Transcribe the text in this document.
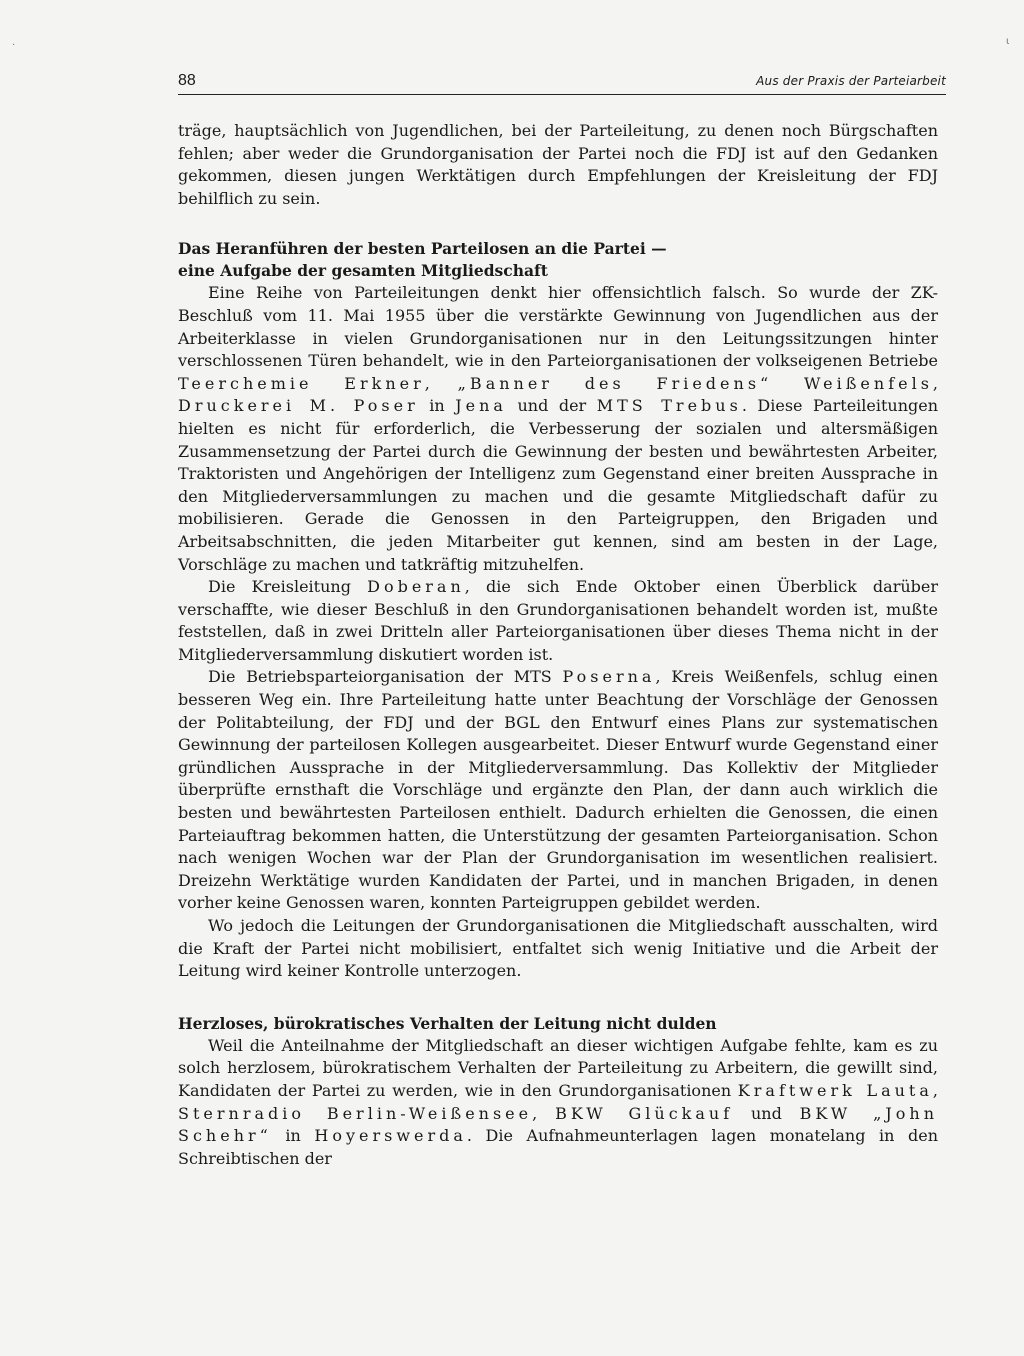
·	ι
88	Aus der Praxis der Parteiarbeit

träge, hauptsächlich von Jugendlichen, bei der Parteileitung, zu denen noch Bürgschaften fehlen; aber weder die Grundorganisation der Partei noch die FDJ ist auf den Gedanken gekommen, diesen jungen Werktätigen durch Empfehlungen der Kreisleitung der FDJ behilflich zu sein.

Das Heranführen der besten Parteilosen an die Partei —
eine Aufgabe der gesamten Mitgliedschaft

Eine Reihe von Parteileitungen denkt hier offensichtlich falsch. So wurde der ZK-Beschluß vom 11. Mai 1955 über die verstärkte Gewinnung von Jugendlichen aus der Arbeiterklasse in vielen Grundorganisationen nur in den Leitungssitzungen hinter verschlossenen Türen behandelt, wie in den Parteiorganisationen der volkseigenen Betriebe Teerchemie Erkner, „Banner des Friedens“ Weißenfels, Druckerei M. Poser in Jena und der MTS Trebus. Diese Parteileitungen hielten es nicht für erforderlich, die Verbesserung der sozialen und altersmäßigen Zusammensetzung der Partei durch die Gewinnung der besten und bewährtesten Arbeiter, Traktoristen und Angehörigen der Intelligenz zum Gegenstand einer breiten Aussprache in den Mitgliederversammlungen zu machen und die gesamte Mitgliedschaft dafür zu mobilisieren. Gerade die Genossen in den Parteigruppen, den Brigaden und Arbeitsabschnitten, die jeden Mitarbeiter gut kennen, sind am besten in der Lage, Vorschläge zu machen und tatkräftig mitzuhelfen.

Die Kreisleitung Doberan, die sich Ende Oktober einen Überblick darüber verschaffte, wie dieser Beschluß in den Grundorganisationen behandelt worden ist, mußte feststellen, daß in zwei Dritteln aller Parteiorganisationen über dieses Thema nicht in der Mitgliederversammlung diskutiert worden ist.

Die Betriebsparteiorganisation der MTS Poserna, Kreis Weißenfels, schlug einen besseren Weg ein. Ihre Parteileitung hatte unter Beachtung der Vorschläge der Genossen der Politabteilung, der FDJ und der BGL den Entwurf eines Plans zur systematischen Gewinnung der parteilosen Kollegen ausgearbeitet. Dieser Entwurf wurde Gegenstand einer gründlichen Aussprache in der Mitgliederversammlung. Das Kollektiv der Mitglieder überprüfte ernsthaft die Vorschläge und ergänzte den Plan, der dann auch wirklich die besten und bewährtesten Parteilosen enthielt. Dadurch erhielten die Genossen, die einen Parteiauftrag bekommen hatten, die Unterstützung der gesamten Parteiorganisation. Schon nach wenigen Wochen war der Plan der Grundorganisation im wesentlichen realisiert. Dreizehn Werktätige wurden Kandidaten der Partei, und in manchen Brigaden, in denen vorher keine Genossen waren, konnten Parteigruppen gebildet werden.

Wo jedoch die Leitungen der Grundorganisationen die Mitgliedschaft ausschalten, wird die Kraft der Partei nicht mobilisiert, entfaltet sich wenig Initiative und die Arbeit der Leitung wird keiner Kontrolle unterzogen.

Herzloses, bürokratisches Verhalten der Leitung nicht dulden

Weil die Anteilnahme der Mitgliedschaft an dieser wichtigen Aufgabe fehlte, kam es zu solch herzlosem, bürokratischem Verhalten der Parteileitung zu Arbeitern, die gewillt sind, Kandidaten der Partei zu werden, wie in den Grundorganisationen Kraftwerk Lauta, Sternradio Berlin-Weißensee, BKW Glückauf und BKW „John Schehr“ in Hoyerswerda. Die Aufnahmeunterlagen lagen monatelang in den Schreibtischen der
